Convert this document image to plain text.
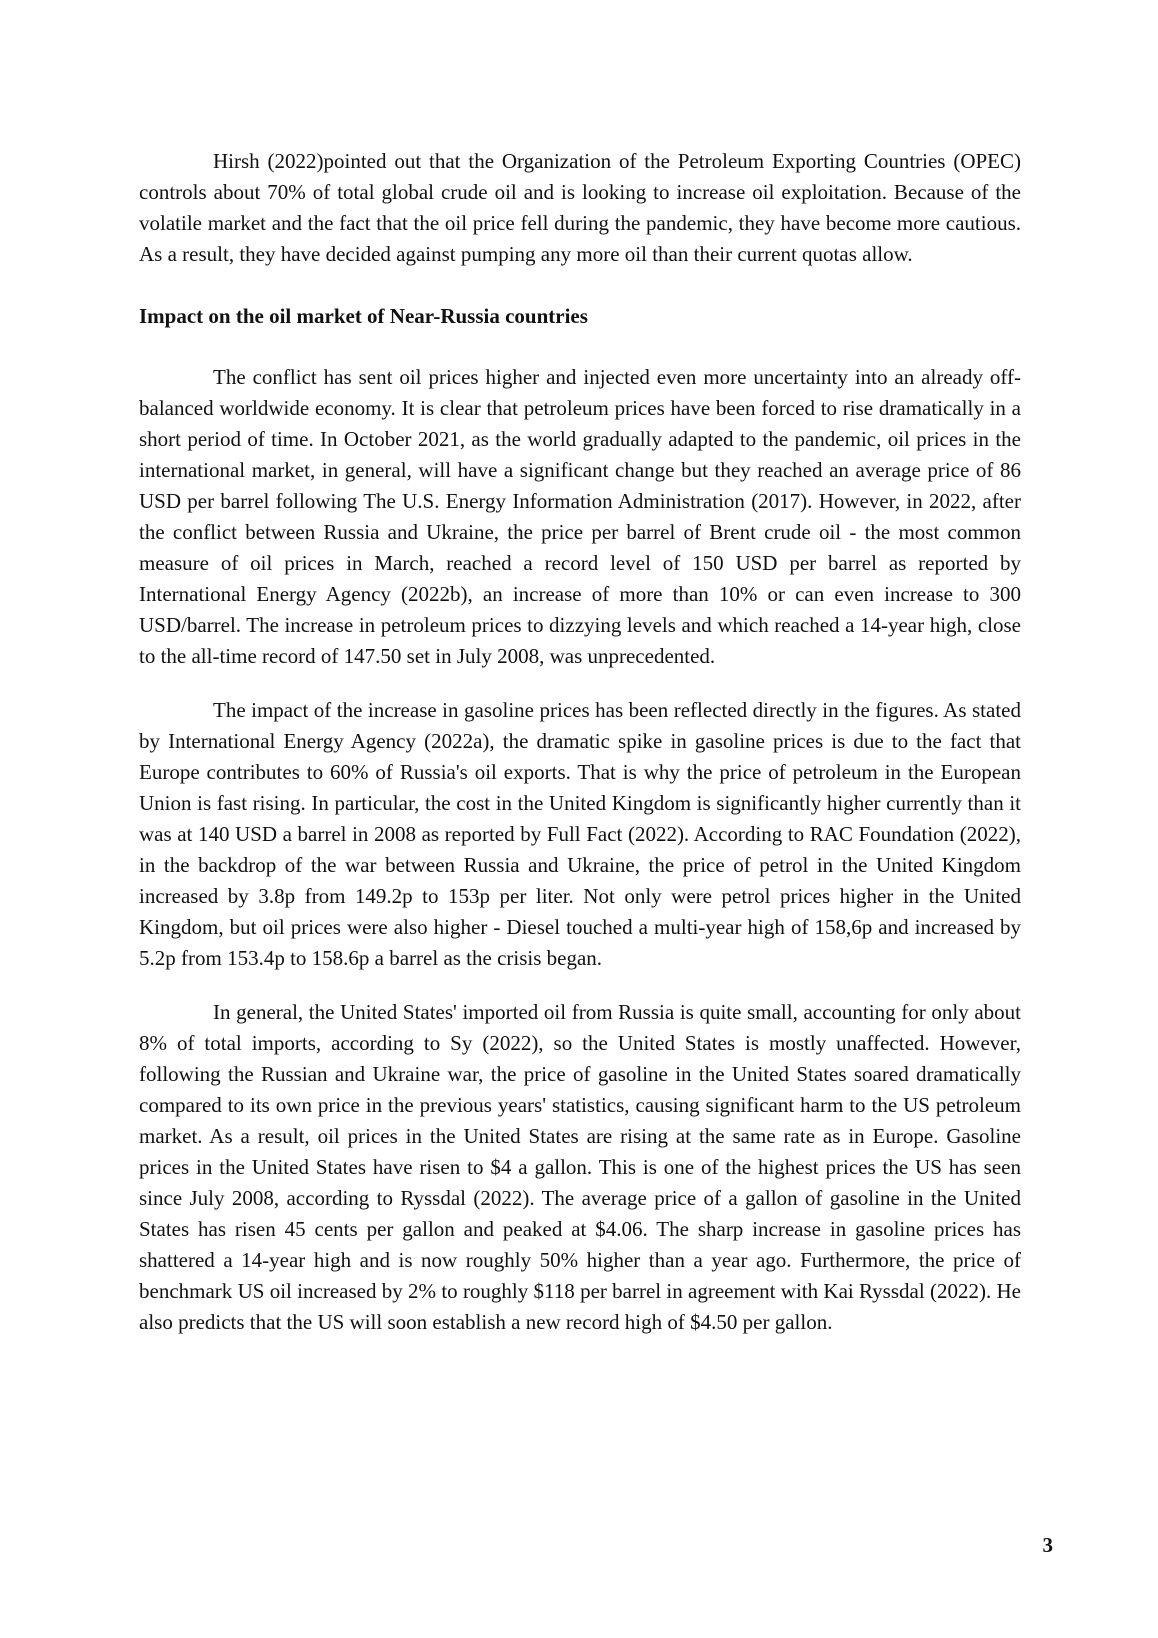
Hirsh (2022)pointed out that the Organization of the Petroleum Exporting Countries (OPEC) controls about 70% of total global crude oil and is looking to increase oil exploitation. Because of the volatile market and the fact that the oil price fell during the pandemic, they have become more cautious. As a result, they have decided against pumping any more oil than their current quotas allow.

Impact on the oil market of Near-Russia countries

The conflict has sent oil prices higher and injected even more uncertainty into an already off-balanced worldwide economy. It is clear that petroleum prices have been forced to rise dramatically in a short period of time. In October 2021, as the world gradually adapted to the pandemic, oil prices in the international market, in general, will have a significant change but they reached an average price of 86 USD per barrel following The U.S. Energy Information Administration (2017). However, in 2022, after the conflict between Russia and Ukraine, the price per barrel of Brent crude oil - the most common measure of oil prices in March, reached a record level of 150 USD per barrel as reported by International Energy Agency (2022b), an increase of more than 10% or can even increase to 300 USD/barrel. The increase in petroleum prices to dizzying levels and which reached a 14-year high, close to the all-time record of 147.50 set in July 2008, was unprecedented.

The impact of the increase in gasoline prices has been reflected directly in the figures. As stated by International Energy Agency (2022a), the dramatic spike in gasoline prices is due to the fact that Europe contributes to 60% of Russia's oil exports. That is why the price of petroleum in the European Union is fast rising. In particular, the cost in the United Kingdom is significantly higher currently than it was at 140 USD a barrel in 2008 as reported by Full Fact (2022). According to RAC Foundation (2022), in the backdrop of the war between Russia and Ukraine, the price of petrol in the United Kingdom increased by 3.8p from 149.2p to 153p per liter. Not only were petrol prices higher in the United Kingdom, but oil prices were also higher - Diesel touched a multi-year high of 158,6p and increased by 5.2p from 153.4p to 158.6p a barrel as the crisis began.

In general, the United States' imported oil from Russia is quite small, accounting for only about 8% of total imports, according to Sy (2022), so the United States is mostly unaffected. However, following the Russian and Ukraine war, the price of gasoline in the United States soared dramatically compared to its own price in the previous years' statistics, causing significant harm to the US petroleum market. As a result, oil prices in the United States are rising at the same rate as in Europe. Gasoline prices in the United States have risen to $4 a gallon. This is one of the highest prices the US has seen since July 2008, according to Ryssdal (2022). The average price of a gallon of gasoline in the United States has risen 45 cents per gallon and peaked at $4.06. The sharp increase in gasoline prices has shattered a 14-year high and is now roughly 50% higher than a year ago. Furthermore, the price of benchmark US oil increased by 2% to roughly $118 per barrel in agreement with Kai Ryssdal (2022). He also predicts that the US will soon establish a new record high of $4.50 per gallon.

3
